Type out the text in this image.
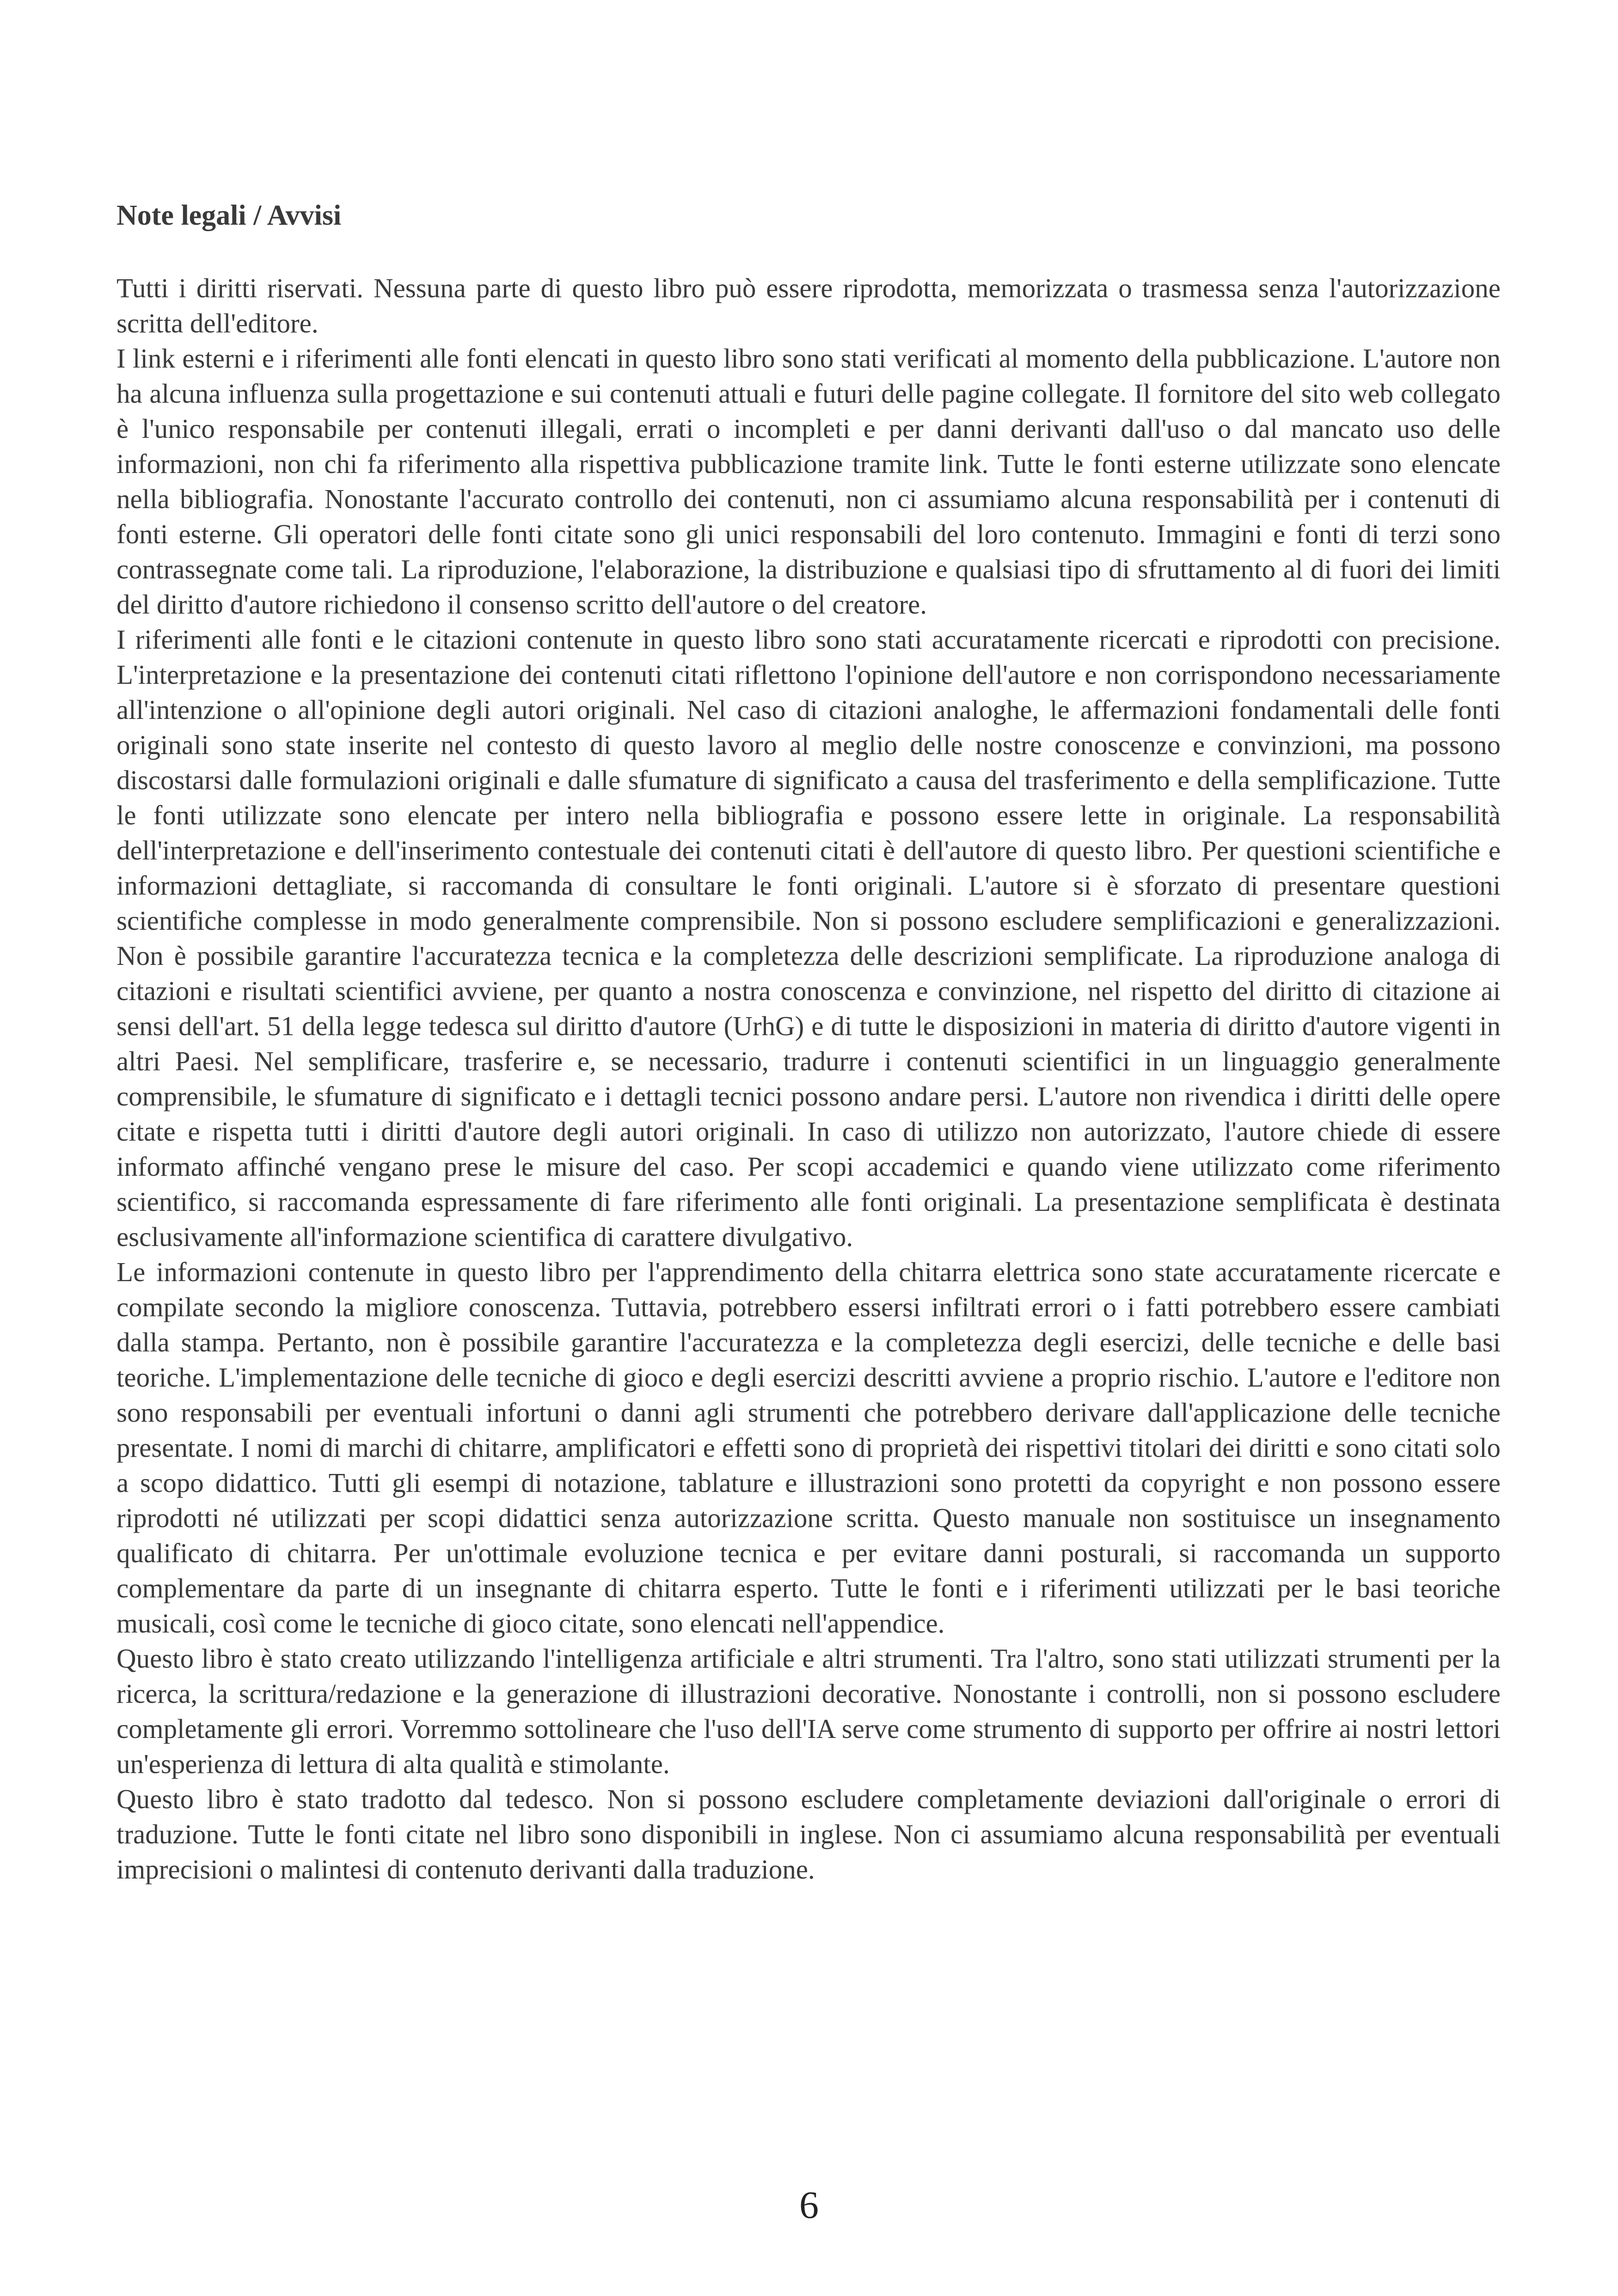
Note legali / Avvisi

Tutti i diritti riservati. Nessuna parte di questo libro può essere riprodotta, memorizzata o trasmessa senza l'autorizzazione scritta dell'editore.

I link esterni e i riferimenti alle fonti elencati in questo libro sono stati verificati al momento della pubblicazione. L'autore non ha alcuna influenza sulla progettazione e sui contenuti attuali e futuri delle pagine collegate. Il fornitore del sito web collegato è l'unico responsabile per contenuti illegali, errati o incompleti e per danni derivanti dall'uso o dal mancato uso delle informazioni, non chi fa riferimento alla rispettiva pubblicazione tramite link. Tutte le fonti esterne utilizzate sono elencate nella bibliografia. Nonostante l'accurato controllo dei contenuti, non ci assumiamo alcuna responsabilità per i contenuti di fonti esterne. Gli operatori delle fonti citate sono gli unici responsabili del loro contenuto. Immagini e fonti di terzi sono contrassegnate come tali. La riproduzione, l'elaborazione, la distribuzione e qualsiasi tipo di sfruttamento al di fuori dei limiti del diritto d'autore richiedono il consenso scritto dell'autore o del creatore.

I riferimenti alle fonti e le citazioni contenute in questo libro sono stati accuratamente ricercati e riprodotti con precisione. L'interpretazione e la presentazione dei contenuti citati riflettono l'opinione dell'autore e non corrispondono necessariamente all'intenzione o all'opinione degli autori originali. Nel caso di citazioni analoghe, le affermazioni fondamentali delle fonti originali sono state inserite nel contesto di questo lavoro al meglio delle nostre conoscenze e convinzioni, ma possono discostarsi dalle formulazioni originali e dalle sfumature di significato a causa del trasferimento e della semplificazione. Tutte le fonti utilizzate sono elencate per intero nella bibliografia e possono essere lette in originale. La responsabilità dell'interpretazione e dell'inserimento contestuale dei contenuti citati è dell'autore di questo libro. Per questioni scientifiche e informazioni dettagliate, si raccomanda di consultare le fonti originali. L'autore si è sforzato di presentare questioni scientifiche complesse in modo generalmente comprensibile. Non si possono escludere semplificazioni e generalizzazioni. Non è possibile garantire l'accuratezza tecnica e la completezza delle descrizioni semplificate. La riproduzione analoga di citazioni e risultati scientifici avviene, per quanto a nostra conoscenza e convinzione, nel rispetto del diritto di citazione ai sensi dell'art. 51 della legge tedesca sul diritto d'autore (UrhG) e di tutte le disposizioni in materia di diritto d'autore vigenti in altri Paesi. Nel semplificare, trasferire e, se necessario, tradurre i contenuti scientifici in un linguaggio generalmente comprensibile, le sfumature di significato e i dettagli tecnici possono andare persi. L'autore non rivendica i diritti delle opere citate e rispetta tutti i diritti d'autore degli autori originali. In caso di utilizzo non autorizzato, l'autore chiede di essere informato affinché vengano prese le misure del caso. Per scopi accademici e quando viene utilizzato come riferimento scientifico, si raccomanda espressamente di fare riferimento alle fonti originali. La presentazione semplificata è destinata esclusivamente all'informazione scientifica di carattere divulgativo.

Le informazioni contenute in questo libro per l'apprendimento della chitarra elettrica sono state accuratamente ricercate e compilate secondo la migliore conoscenza. Tuttavia, potrebbero essersi infiltrati errori o i fatti potrebbero essere cambiati dalla stampa. Pertanto, non è possibile garantire l'accuratezza e la completezza degli esercizi, delle tecniche e delle basi teoriche. L'implementazione delle tecniche di gioco e degli esercizi descritti avviene a proprio rischio. L'autore e l'editore non sono responsabili per eventuali infortuni o danni agli strumenti che potrebbero derivare dall'applicazione delle tecniche presentate. I nomi di marchi di chitarre, amplificatori e effetti sono di proprietà dei rispettivi titolari dei diritti e sono citati solo a scopo didattico. Tutti gli esempi di notazione, tablature e illustrazioni sono protetti da copyright e non possono essere riprodotti né utilizzati per scopi didattici senza autorizzazione scritta. Questo manuale non sostituisce un insegnamento qualificato di chitarra. Per un'ottimale evoluzione tecnica e per evitare danni posturali, si raccomanda un supporto complementare da parte di un insegnante di chitarra esperto. Tutte le fonti e i riferimenti utilizzati per le basi teoriche musicali, così come le tecniche di gioco citate, sono elencati nell'appendice.

Questo libro è stato creato utilizzando l'intelligenza artificiale e altri strumenti. Tra l'altro, sono stati utilizzati strumenti per la ricerca, la scrittura/redazione e la generazione di illustrazioni decorative. Nonostante i controlli, non si possono escludere completamente gli errori. Vorremmo sottolineare che l'uso dell'IA serve come strumento di supporto per offrire ai nostri lettori un'esperienza di lettura di alta qualità e stimolante.

Questo libro è stato tradotto dal tedesco. Non si possono escludere completamente deviazioni dall'originale o errori di traduzione. Tutte le fonti citate nel libro sono disponibili in inglese. Non ci assumiamo alcuna responsabilità per eventuali imprecisioni o malintesi di contenuto derivanti dalla traduzione.

6
